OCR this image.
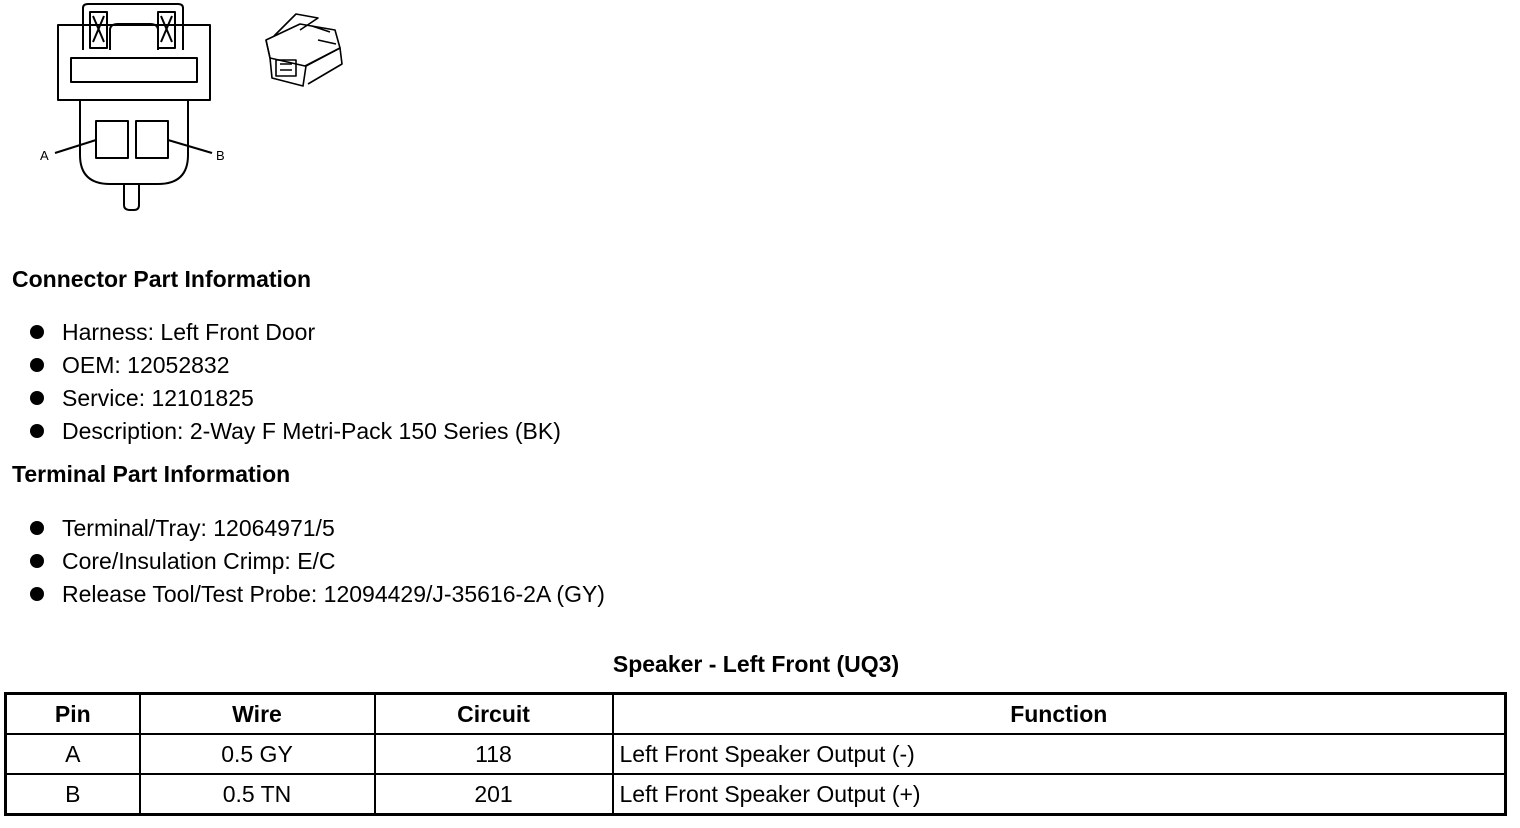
A	B
Connector Part Information
Harness: Left Front Door
OEM: 12052832
Service: 12101825
Description: 2-Way F Metri-Pack 150 Series (BK)
Terminal Part Information
Terminal/Tray: 12064971/5
Core/Insulation Crimp: E/C
Release Tool/Test Probe: 12094429/J-35616-2A (GY)
Speaker - Left Front (UQ3)
Pin	Wire	Circuit	Function
A	0.5 GY	118	Left Front Speaker Output (-)
B	0.5 TN	201	Left Front Speaker Output (+)
